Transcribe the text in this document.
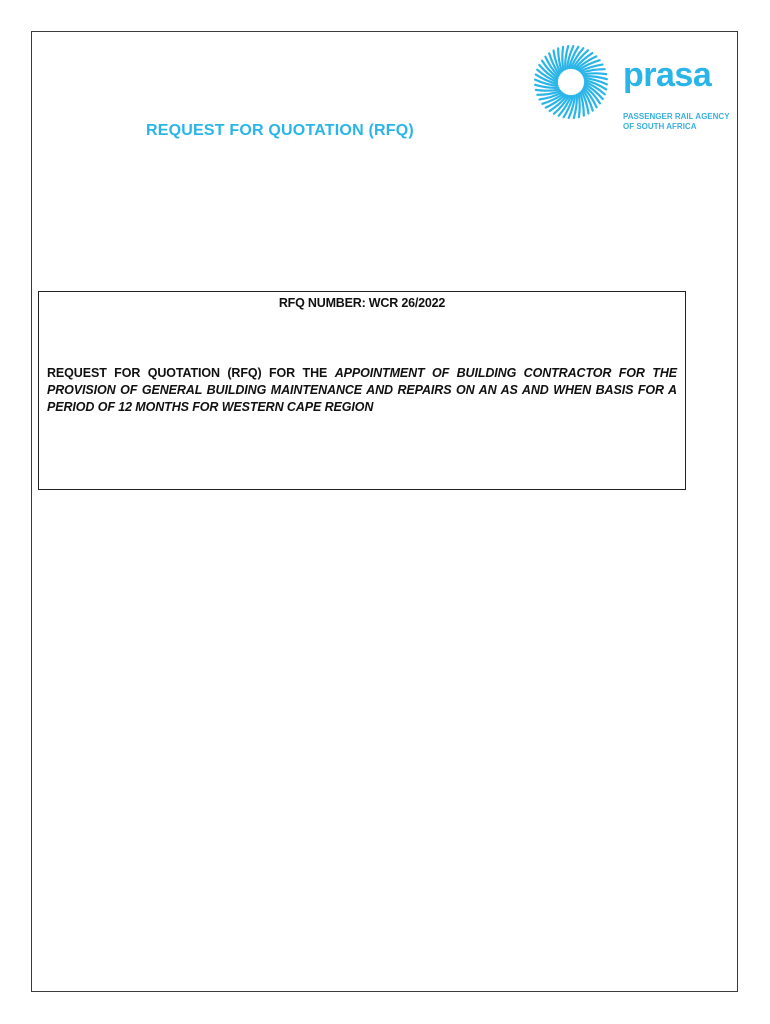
prasa
PASSENGER RAIL AGENCY
OF SOUTH AFRICA
REQUEST FOR QUOTATION (RFQ)
RFQ NUMBER: WCR 26/2022
REQUEST FOR QUOTATION (RFQ) FOR THE APPOINTMENT OF BUILDING CONTRACTOR FOR THE PROVISION OF GENERAL BUILDING MAINTENANCE AND REPAIRS ON AN AS AND WHEN BASIS FOR A PERIOD OF 12 MONTHS FOR WESTERN CAPE REGION
